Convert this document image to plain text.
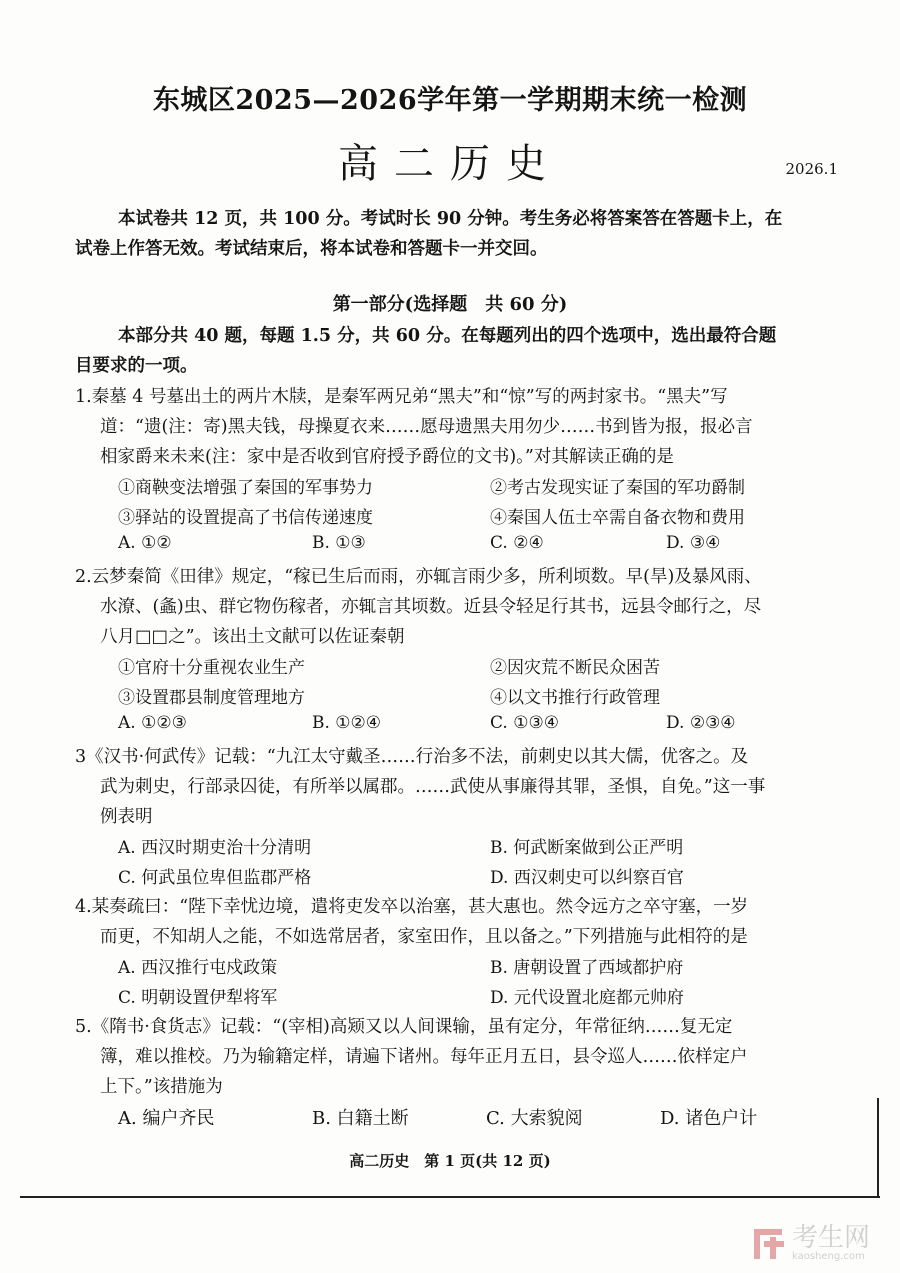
东城区2025—2026学年第一学期期末统一检测
高二历史	2026.1
本试卷共 12 页，共 100 分。考试时长 90 分钟。考生务必将答案答在答题卡上，在
试卷上作答无效。考试结束后，将本试卷和答题卡一并交回。
第一部分(选择题　共 60 分)
本部分共 40 题，每题 1.5 分，共 60 分。在每题列出的四个选项中，选出最符合题
目要求的一项。
1.秦墓 4 号墓出土的两片木牍，是秦军两兄弟“黑夫”和“惊”写的两封家书。“黑夫”写
道：“遗(注：寄)黑夫钱，母操夏衣来……愿母遗黑夫用勿少……书到皆为报，报必言
相家爵来未来(注：家中是否收到官府授予爵位的文书)。”对其解读正确的是
①商鞅变法增强了秦国的军事势力	②考古发现实证了秦国的军功爵制
③驿站的设置提高了书信传递速度	④秦国人伍士卒需自备衣物和费用
A. ①②	B. ①③	C. ②④	D. ③④
2.云梦秦简《田律》规定，“稼已生后而雨，亦辄言雨少多，所利顷数。早(旱)及暴风雨、
水潦、(螽)虫、群它物伤稼者，亦辄言其顷数。近县令轻足行其书，远县令邮行之，尽
八月□□之”。该出土文献可以佐证秦朝
①官府十分重视农业生产	②因灾荒不断民众困苦
③设置郡县制度管理地方	④以文书推行行政管理
A. ①②③	B. ①②④	C. ①③④	D. ②③④
3《汉书·何武传》记载：“九江太守戴圣……行治多不法，前刺史以其大儒，优客之。及
武为刺史，行部录囚徒，有所举以属郡。……武使从事廉得其罪，圣惧，自免。”这一事
例表明
A. 西汉时期吏治十分清明	B. 何武断案做到公正严明
C. 何武虽位卑但监郡严格	D. 西汉刺史可以纠察百官
4.某奏疏曰：“陛下幸忧边境，遣将吏发卒以治塞，甚大惠也。然令远方之卒守塞，一岁
而更，不知胡人之能，不如选常居者，家室田作，且以备之。”下列措施与此相符的是
A. 西汉推行屯戍政策	B. 唐朝设置了西域都护府
C. 明朝设置伊犁将军	D. 元代设置北庭都元帅府
5.《隋书·食货志》记载：“(宰相)高颎又以人间课输，虽有定分，年常征纳……复无定
簿，难以推校。乃为输籍定样，请遍下诸州。每年正月五日，县令巡人……依样定户
上下。”该措施为
A. 编户齐民	B. 白籍土断	C. 大索貌阅	D. 诸色户计
高二历史　第 1 页(共 12 页)
考生网
kaosheng.com
